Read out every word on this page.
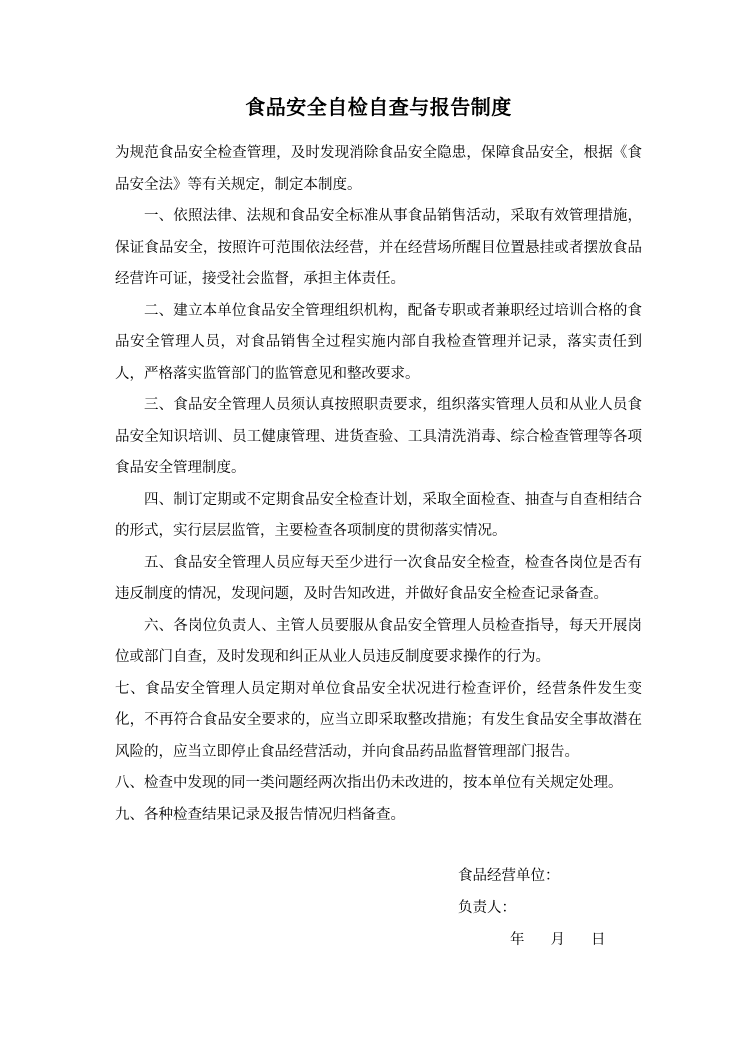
食品安全自检自查与报告制度

为规范食品安全检查管理，及时发现消除食品安全隐患，保障食品安全，根据《食品安全法》等有关规定，制定本制度。

一、依照法律、法规和食品安全标准从事食品销售活动，采取有效管理措施，保证食品安全，按照许可范围依法经营，并在经营场所醒目位置悬挂或者摆放食品经营许可证，接受社会监督，承担主体责任。

二、建立本单位食品安全管理组织机构，配备专职或者兼职经过培训合格的食品安全管理人员，对食品销售全过程实施内部自我检查管理并记录，落实责任到人，严格落实监管部门的监管意见和整改要求。

三、食品安全管理人员须认真按照职责要求，组织落实管理人员和从业人员食品安全知识培训、员工健康管理、进货查验、工具清洗消毒、综合检查管理等各项食品安全管理制度。

四、制订定期或不定期食品安全检查计划，采取全面检查、抽查与自查相结合的形式，实行层层监管，主要检查各项制度的贯彻落实情况。

五、食品安全管理人员应每天至少进行一次食品安全检查，检查各岗位是否有违反制度的情况，发现问题，及时告知改进，并做好食品安全检查记录备查。

六、各岗位负责人、主管人员要服从食品安全管理人员检查指导，每天开展岗位或部门自查，及时发现和纠正从业人员违反制度要求操作的行为。

七、食品安全管理人员定期对单位食品安全状况进行检查评价，经营条件发生变化，不再符合食品安全要求的，应当立即采取整改措施；有发生食品安全事故潜在风险的，应当立即停止食品经营活动，并向食品药品监督管理部门报告。

八、检查中发现的同一类问题经两次指出仍未改进的，按本单位有关规定处理。

九、各种检查结果记录及报告情况归档备查。

食品经营单位：
负责人：
年 月 日
